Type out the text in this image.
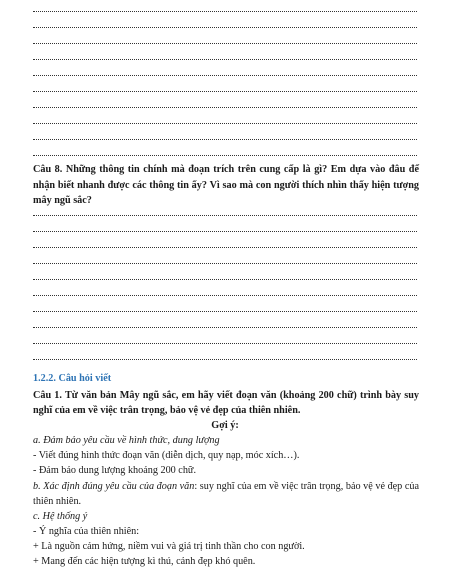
Câu 8. Những thông tin chính mà đoạn trích trên cung cấp là gì? Em dựa vào đâu để nhận biết nhanh được các thông tin ấy? Vì sao mà con người thích nhìn thấy hiện tượng mây ngũ sắc?

1.2.2. Câu hỏi viết

Câu 1. Từ văn bản Mây ngũ sắc, em hãy viết đoạn văn (khoảng 200 chữ) trình bày suy nghĩ của em về việc trân trọng, bảo vệ vẻ đẹp của thiên nhiên.

Gợi ý:
a. Đảm bảo yêu cầu về hình thức, dung lượng
- Viết đúng hình thức đoạn văn (diễn dịch, quy nạp, móc xích…).
- Đảm bảo dung lượng khoảng 200 chữ.

b. Xác định đúng yêu cầu của đoạn văn: suy nghĩ của em về việc trân trọng, bảo vệ vẻ đẹp của thiên nhiên.

c. Hệ thống ý
- Ý nghĩa của thiên nhiên:
+ Là nguồn cảm hứng, niềm vui và giá trị tinh thần cho con người.
+ Mang đến các hiện tượng kì thú, cảnh đẹp khó quên.
